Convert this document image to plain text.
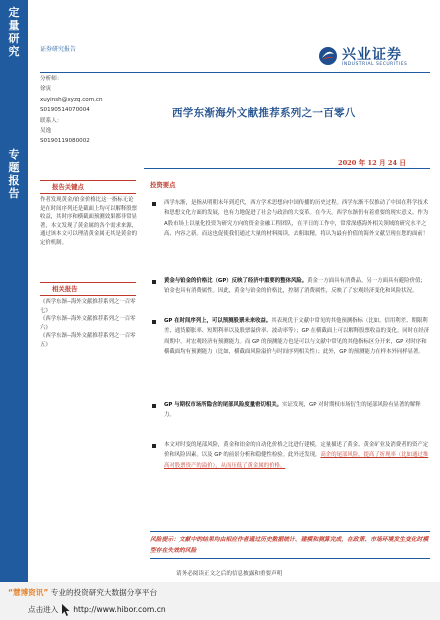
定量研究
专题报告
证券研究报告	兴业证券
INDUSTRIAL SECURITIES
分析师：
徐寅
xuyinsh@xyzq.com.cn
S0190514070004
联系人：
吴逸
S0190119080002
西学东渐海外文献推荐系列之一百零八
2020 年 12 月 24 日
报告关键点
作者发现黄金/铂金价格比这一指标无论是在时间序列还是截面上均可以解释股票收益，其时序和横截面预测效果都非常显著，本文发现了黄金属的各个需求来源，通过该本文可以理清黄金属无其是黄金的定价机制。
相关报告
《西学东渐--海外文献推荐系列之一百零七》
《西学东渐--海外文献推荐系列之一百零六》
《西学东渐--海外文献推荐系列之一百零五》
投资要点
西学东渐，是指从明朝末年到近代，西方学术思想向中国传播的历史过程。西学东渐不仅推动了中国在科学技术和思想文化方面的发展，也有力地促进了社会与政治的大变革。在今天，西学东渐仍有着重要的现实意义。作为A股市场上以量化投资为研究方向的资金金融工程团队，在平日的工作中，常常深感海外相关领域的研究水平之高、内容之新。而这也促使我们通过大量的材料阅读，去粗取精，将认为最有价值的海外文献呈现在您的面前！
黄金与铂金的价格比（GP）反映了经济中重要的整体风险。黄金一方面具有消费品，另一方面具有避险价值；铂金也具有消费属性。因此，黄金与铂金的价格比，控制了消费属性，反映了了宏观经济变化和风险状况。
GP 在时间序列上，可以预测股票未来收益。其表现优于文献中常见的其他预测指标（比如，信用利差、期限利差、通货膨胀率、短期利率以及股票溢价率、波动率等）；GP 在横截面上可以解释股票收益的变化。同时在经济周期中，对宏观经济有预测能力。而 GP 的预测能力也是可以与文献中常见的其他指标区分开来，GP 对时序和横截面均有预测能力（比如，横截面风险溢价与时间序列相关性）；此外，GP 的预测能力在样本外同样显著。
GP 与期权市场所隐含的尾部风险度量密切相关。实证发现，GP 对时期权市场衍生的尾部风险有显著的解释力。
本文对时变的尾部风险，黄金和铂金的自动化价格之比进行建模，定量描述了黄金、黄金矿业及消费者的资产定价和风险因素。以及 GP 的前景分析和稳健性检验。此外还发现，高企的尾部风险，提高了折现率（比如通过推高对股票资产的溢价），从而压低了黄金属的价格。
风险提示：文献中的结果均由相应作者通过历史数据统计、建模和测算完成，在政策、市场环境发生变化时模型存在失效的风险
请务必阅读正文之后的信息披露和重要声明
“慧博资讯” 专业的投资研究大数据分享平台
点击进入 http://www.hibor.com.cn
